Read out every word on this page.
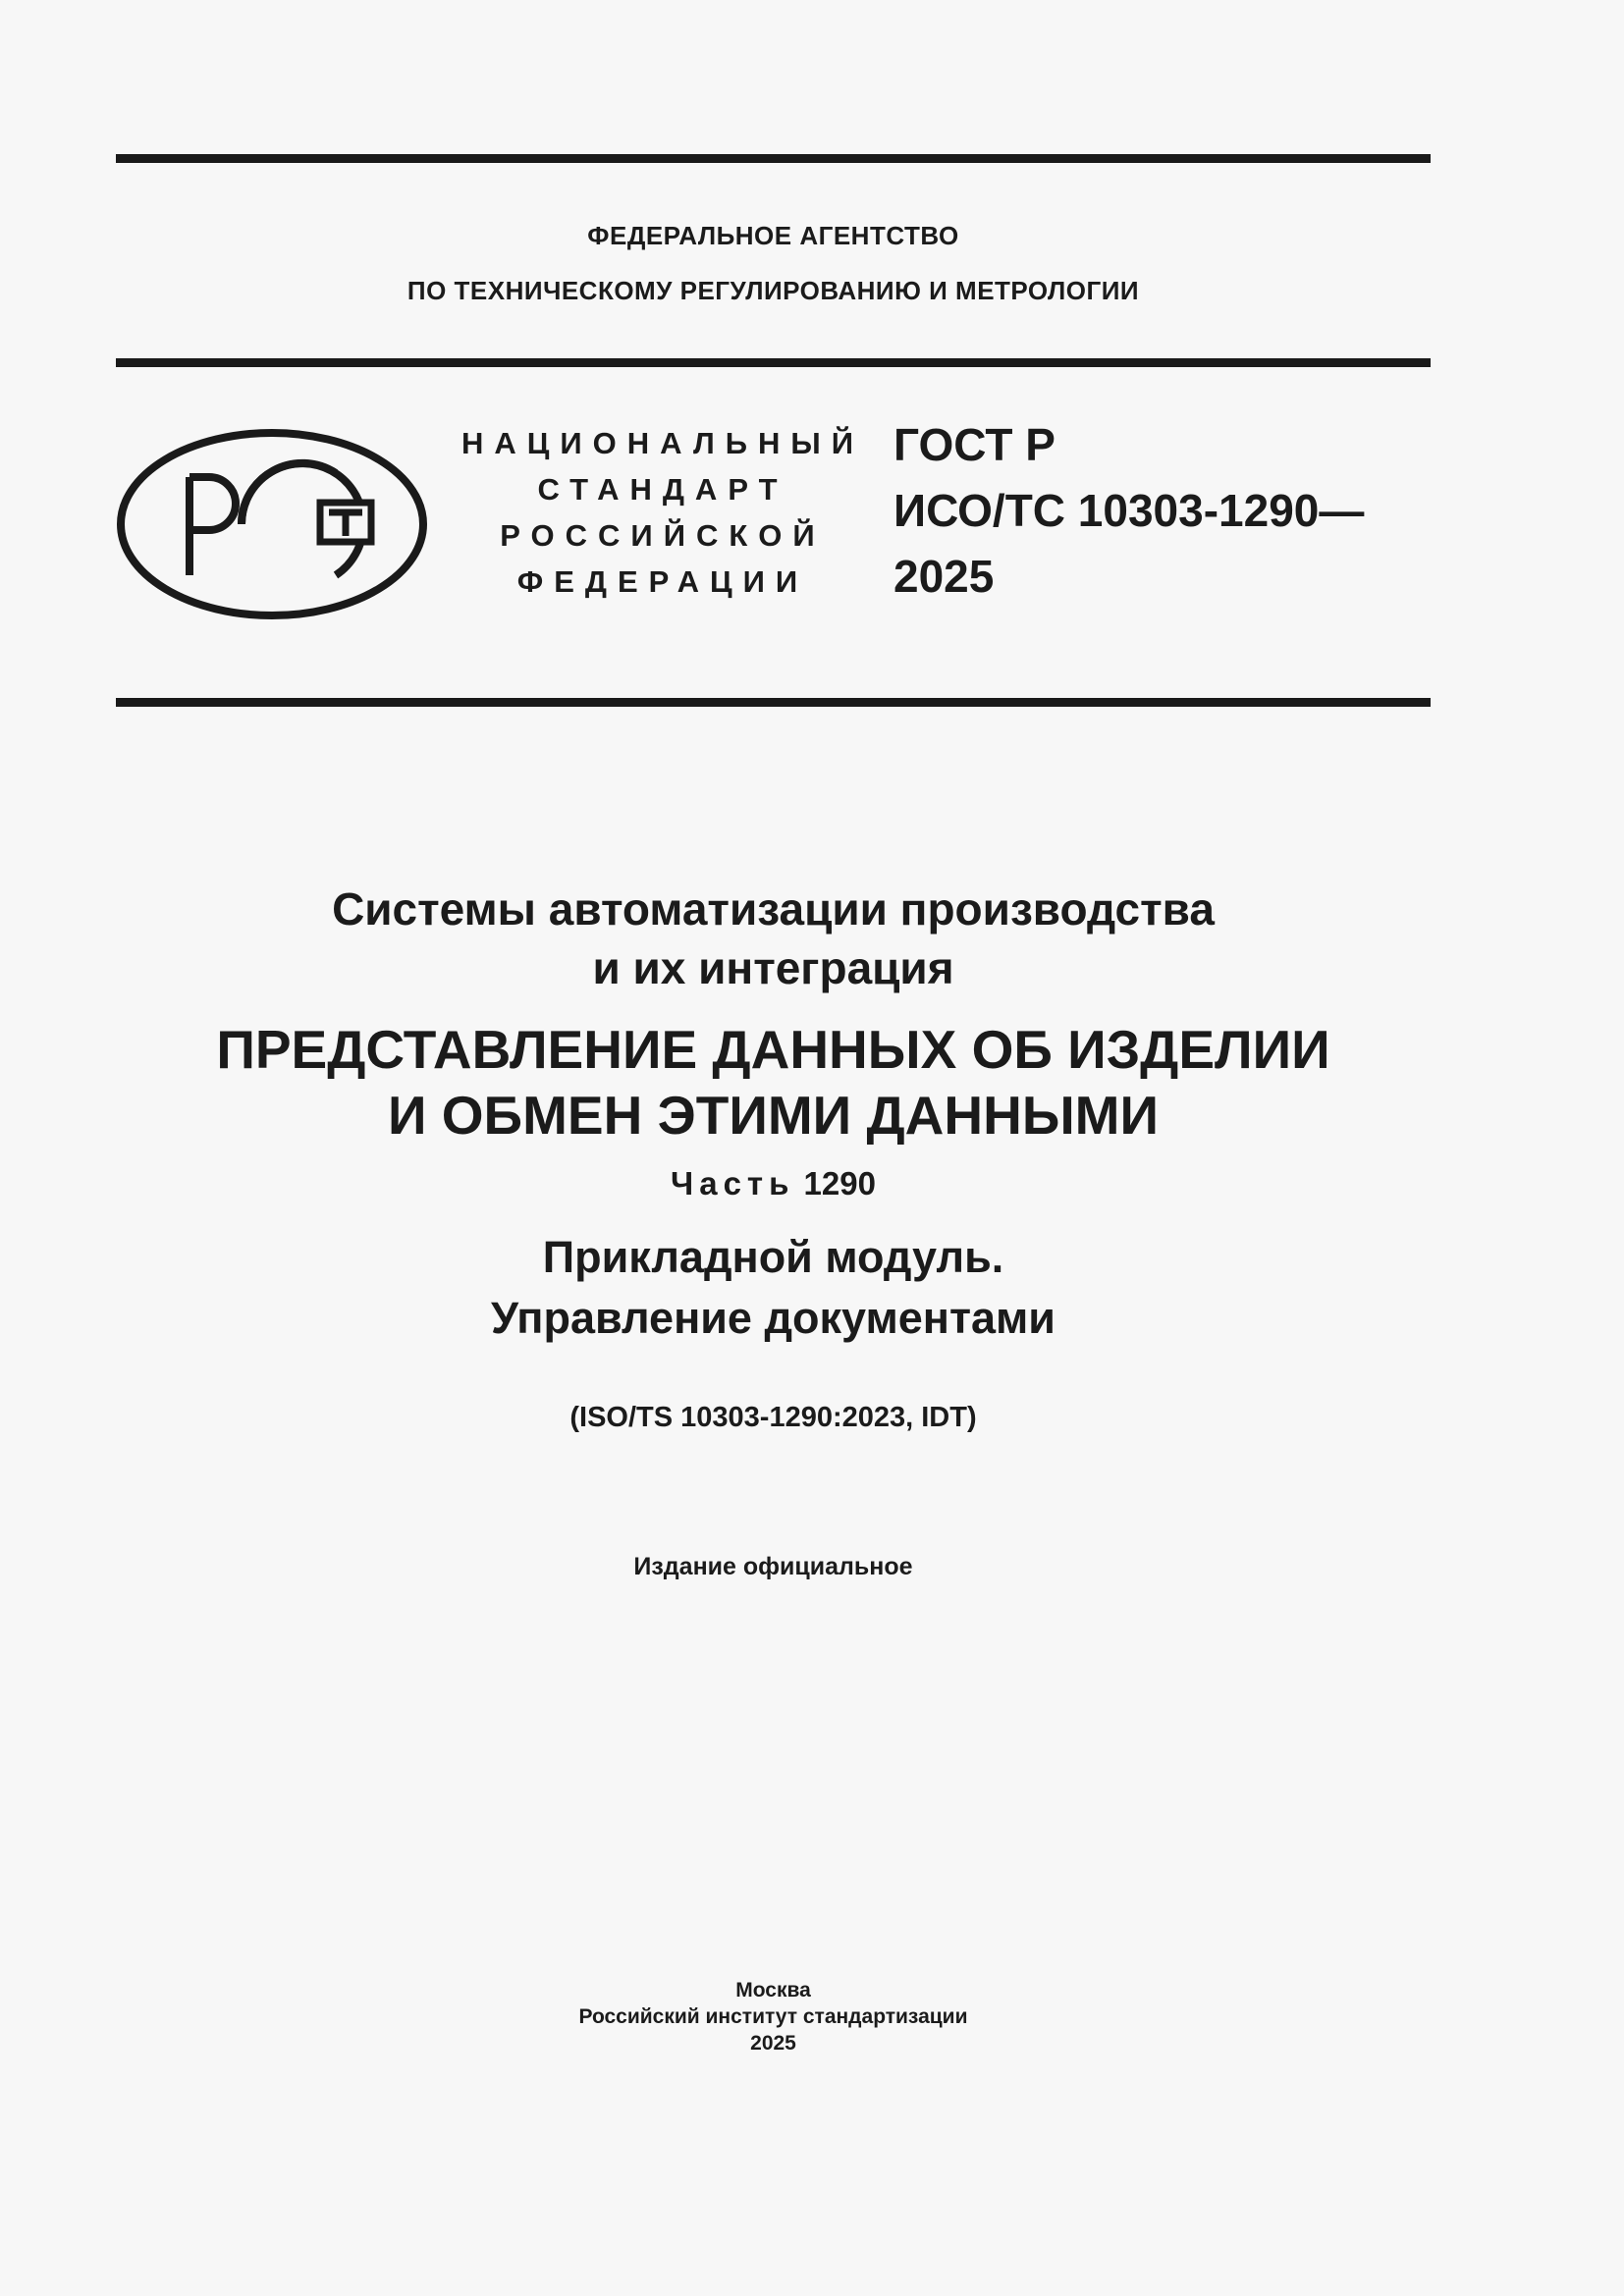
ФЕДЕРАЛЬНОЕ АГЕНТСТВО
ПО ТЕХНИЧЕСКОМУ РЕГУЛИРОВАНИЮ И МЕТРОЛОГИИ
НАЦИОНАЛЬНЫЙ
СТАНДАРТ
РОССИЙСКОЙ
ФЕДЕРАЦИИ
ГОСТ Р
ИСО/ТС 10303-1290—
2025
Системы автоматизации производства
и их интеграция
ПРЕДСТАВЛЕНИЕ ДАННЫХ ОБ ИЗДЕЛИИ
И ОБМЕН ЭТИМИ ДАННЫМИ
Часть 1290
Прикладной модуль.
Управление документами
(ISO/TS 10303-1290:2023, IDT)
Издание официальное
Москва
Российский институт стандартизации
2025
